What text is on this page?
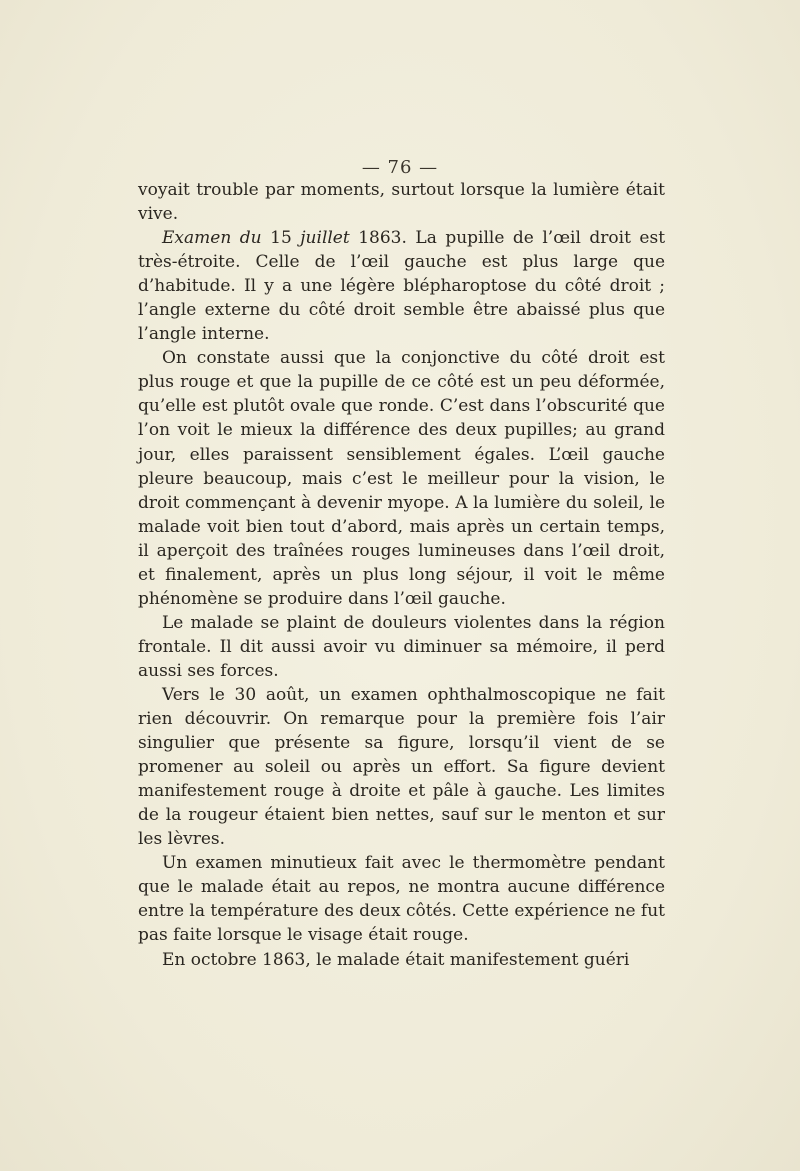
— 76 —

voyait trouble par moments, surtout lorsque la lumière était vive.

Examen du 15 juillet 1863. La pupille de l’œil droit est très-étroite. Celle de l’œil gauche est plus large que d’habitude. Il y a une légère blépharoptose du côté droit ; l’angle externe du côté droit semble être abaissé plus que l’angle interne.

On constate aussi que la conjonctive du côté droit est plus rouge et que la pupille de ce côté est un peu déformée, qu’elle est plutôt ovale que ronde. C’est dans l’obscurité que l’on voit le mieux la différence des deux pupilles; au grand jour, elles paraissent sensiblement égales. L’œil gauche pleure beaucoup, mais c’est le meilleur pour la vision, le droit commençant à devenir myope. A la lumière du soleil, le malade voit bien tout d’abord, mais après un certain temps, il aperçoit des traînées rouges lumineuses dans l’œil droit, et finalement, après un plus long séjour, il voit le même phénomène se produire dans l’œil gauche.

Le malade se plaint de douleurs violentes dans la région frontale. Il dit aussi avoir vu diminuer sa mémoire, il perd aussi ses forces.

Vers le 30 août, un examen ophthalmoscopique ne fait rien découvrir. On remarque pour la première fois l’air singulier que présente sa figure, lorsqu’il vient de se promener au soleil ou après un effort. Sa figure devient manifestement rouge à droite et pâle à gauche. Les limites de la rougeur étaient bien nettes, sauf sur le menton et sur les lèvres.

Un examen minutieux fait avec le thermomètre pendant que le malade était au repos, ne montra aucune différence entre la température des deux côtés. Cette expérience ne fut pas faite lorsque le visage était rouge.

En octobre 1863, le malade était manifestement guéri
